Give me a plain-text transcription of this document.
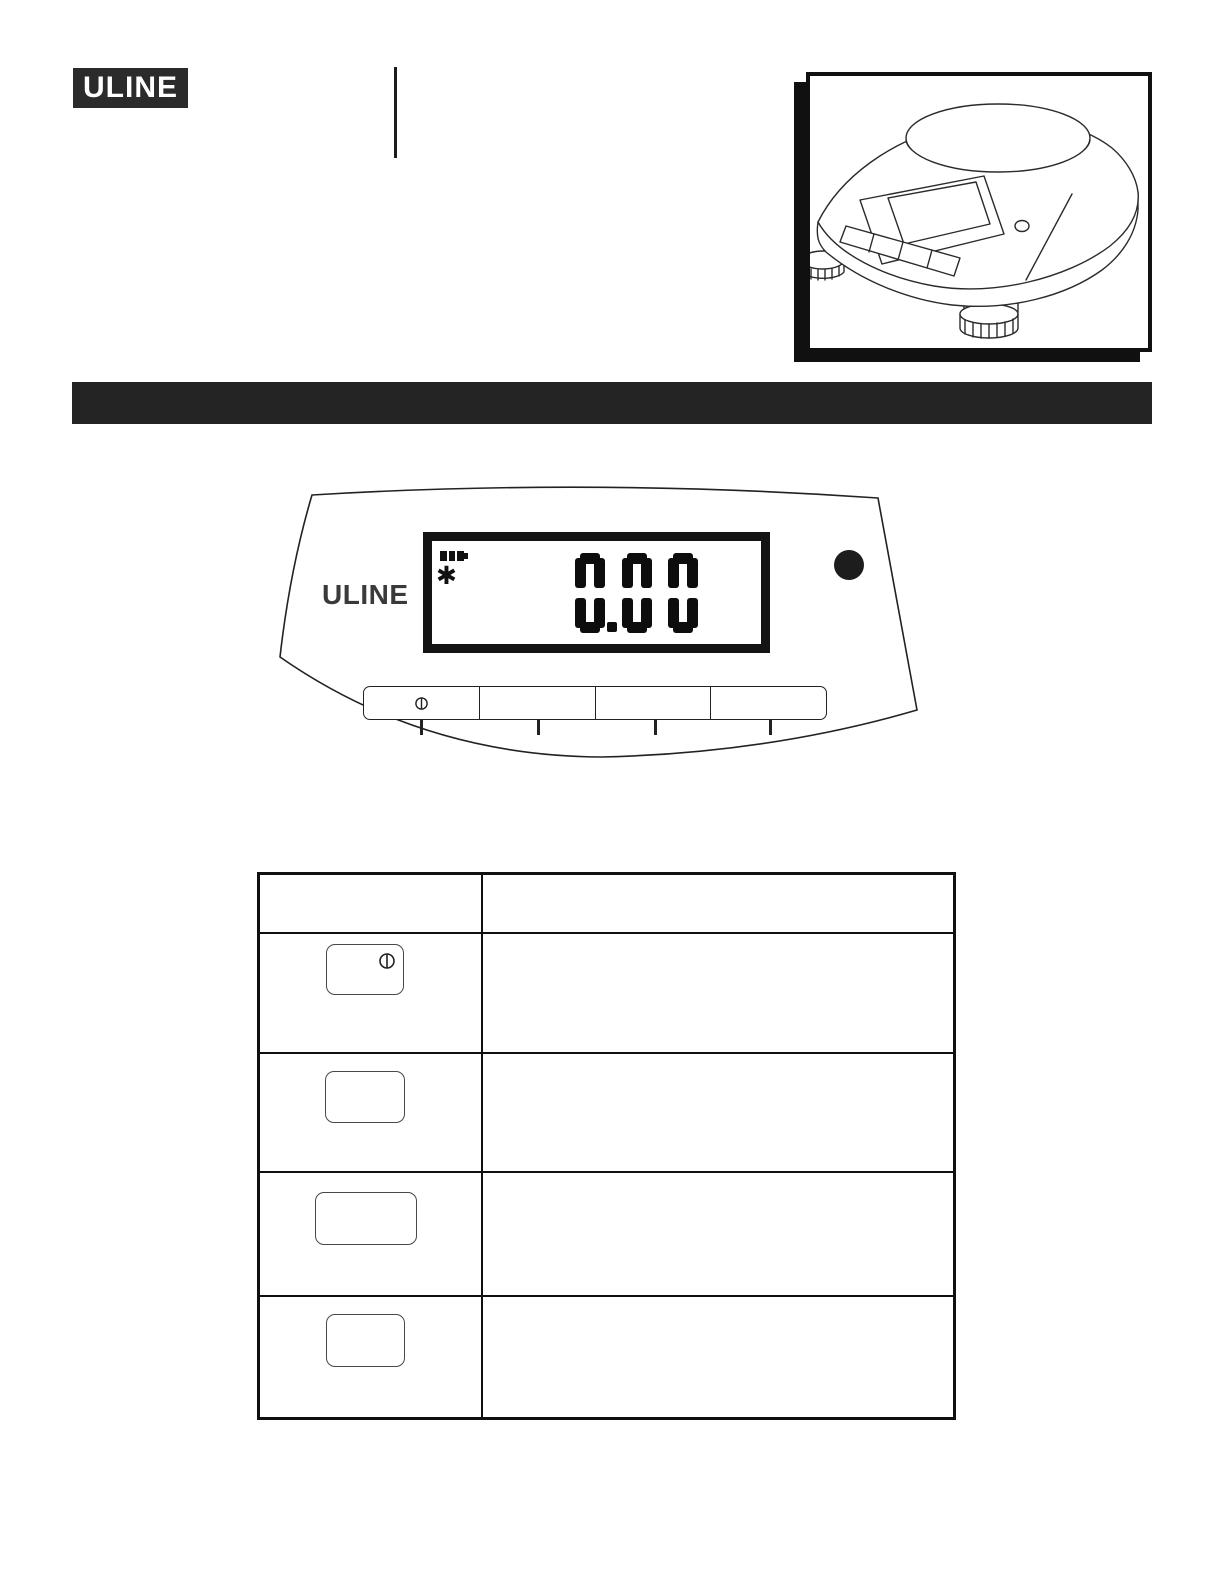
ULINE
ULINE
✱
